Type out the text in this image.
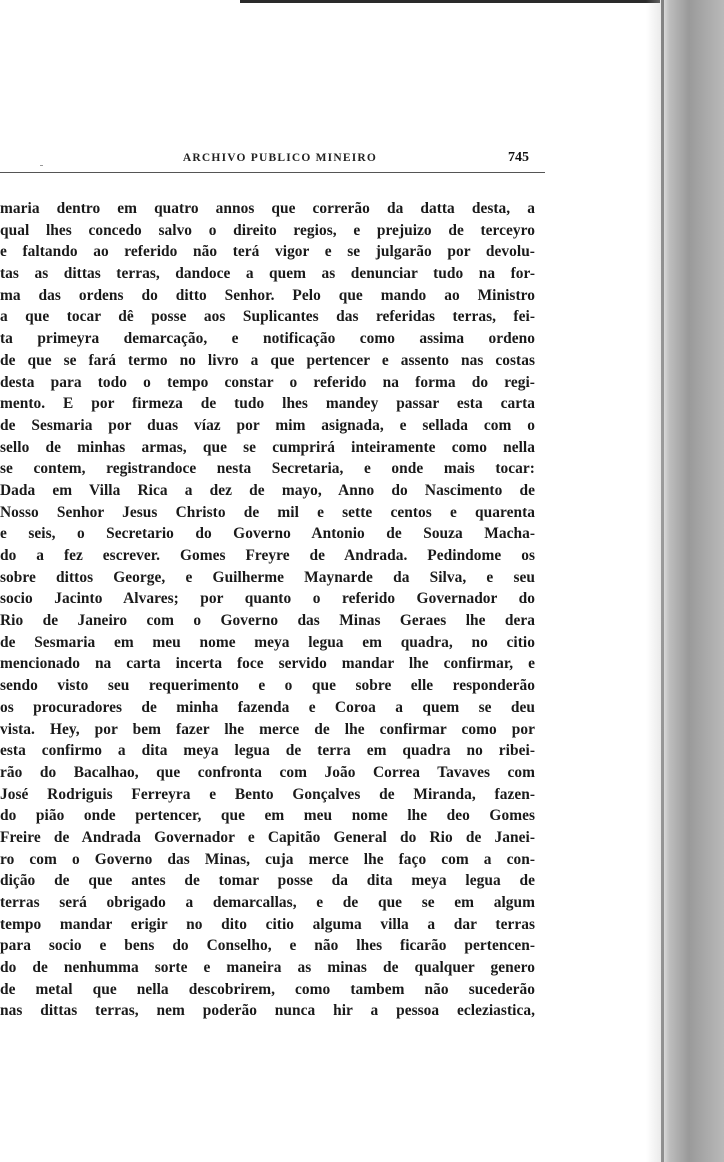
ARCHIVO PUBLICO MINEIRO	745
maria dentro em quatro annos que correrão da datta desta, a
qual lhes concedo salvo o direito regios, e prejuizo de terceyro
e faltando ao referido não terá vigor e se julgarão por devolu-
tas as dittas terras, dandoce a quem as denunciar tudo na for-
ma das ordens do ditto Senhor. Pelo que mando ao Ministro
a que tocar dê posse aos Suplicantes das referidas terras, fei-
ta primeyra demarcação, e notificação como assima ordeno
de que se fará termo no livro a que pertencer e assento nas costas
desta para todo o tempo constar o referido na forma do regi-
mento. E por firmeza de tudo lhes mandey passar esta carta
de Sesmaria por duas víaz por mim asignada, e sellada com o
sello de minhas armas, que se cumprirá inteiramente como nella
se contem, registrandoce nesta Secretaria, e onde mais tocar:
Dada em Villa Rica a dez de mayo, Anno do Nascimento de
Nosso Senhor Jesus Christo de mil e sette centos e quarenta
e seis, o Secretario do Governo Antonio de Souza Macha-
do a fez escrever. Gomes Freyre de Andrada. Pedindome os
sobre dittos George, e Guilherme Maynarde da Silva, e seu
socio Jacinto Alvares; por quanto o referido Governador do
Rio de Janeiro com o Governo das Minas Geraes lhe dera
de Sesmaria em meu nome meya legua em quadra, no citio
mencionado na carta incerta foce servido mandar lhe confirmar, e
sendo visto seu requerimento e o que sobre elle responderão
os procuradores de minha fazenda e Coroa a quem se deu
vista. Hey, por bem fazer lhe merce de lhe confirmar como por
esta confirmo a dita meya legua de terra em quadra no ribei-
rão do Bacalhao, que confronta com João Correa Tavaves com
José Rodriguis Ferreyra e Bento Gonçalves de Miranda, fazen-
do pião onde pertencer, que em meu nome lhe deo Gomes
Freire de Andrada Governador e Capitão General do Rio de Janei-
ro com o Governo das Minas, cuja merce lhe faço com a con-
dição de que antes de tomar posse da dita meya legua de
terras será obrigado a demarcallas, e de que se em algum
tempo mandar erigir no dito citio alguma villa a dar terras
para socio e bens do Conselho, e não lhes ficarão pertencen-
do de nenhumma sorte e maneira as minas de qualquer genero
de metal que nella descobrirem, como tambem não sucederão
nas dittas terras, nem poderão nunca hir a pessoa ecleziastica,
